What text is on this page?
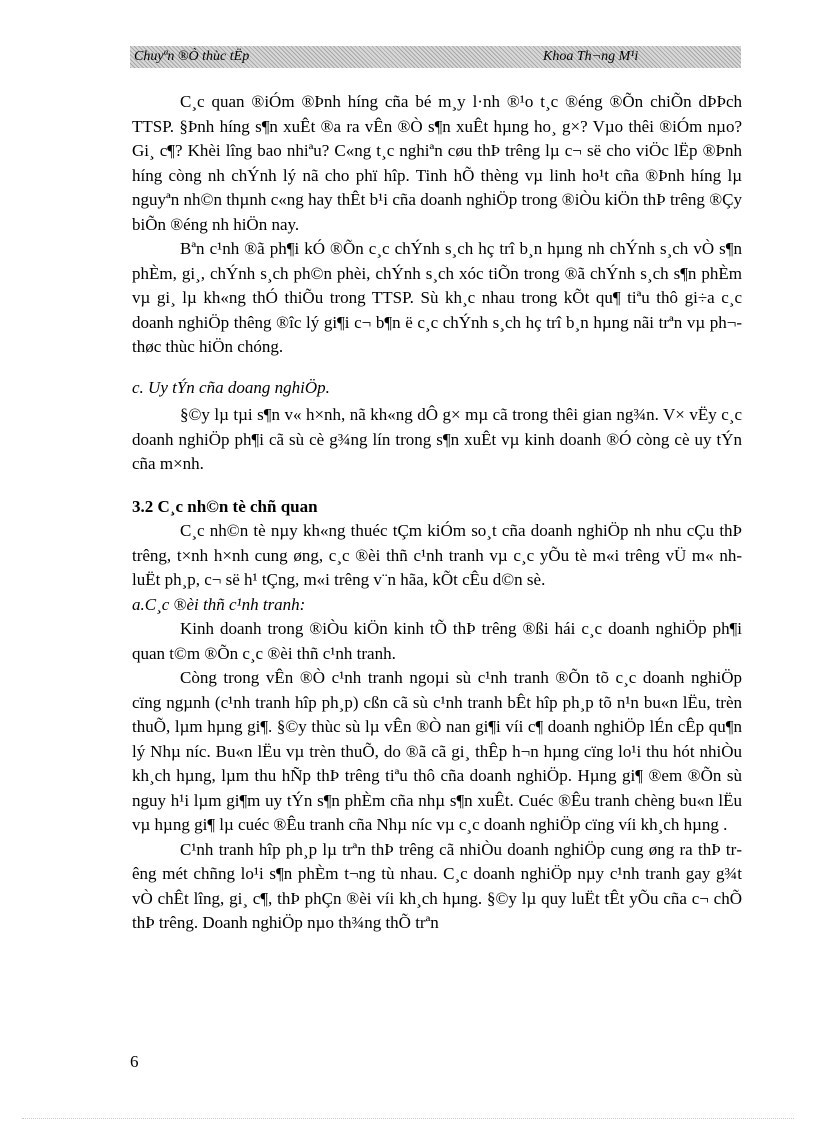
Chuyªn ®Ò thùc tËp	Khoa Th¬ng M¹i

C¸c quan ®iÓm ®Þnh híng cña bé m¸y l·nh ®¹o t¸c ®éng ®Õn chiÕn dÞÞch TTSP. §Þnh híng s¶n xuÊt ®a ra vÊn ®Ò s¶n xuÊt hµng ho¸ g×? Vµo thêi ®iÓm nµo? Gi¸ c¶? Khèi lîng bao nhiªu? C«ng t¸c nghiªn cøu thÞ trêng lµ c¬ së cho viÖc lËp ®Þnh híng còng nh chÝnh lý nã cho phï hîp. Tinh hÕ thèng vµ linh ho¹t cña ®Þnh híng lµ nguyªn nh©n thµnh c«ng hay thÊt b¹i cña doanh nghiÖp trong ®iÒu kiÖn thÞ trêng ®Çy biÕn ®éng nh hiÖn nay.

Bªn c¹nh ®ã ph¶i kÓ ®Õn c¸c chÝnh s¸ch hç trî b¸n hµng nh chÝnh s¸ch vÒ s¶n phÈm, gi¸, chÝnh s¸ch ph©n phèi, chÝnh s¸ch xóc tiÕn trong ®ã chÝnh s¸ch s¶n phÈm vµ gi¸ lµ kh«ng thÓ thiÕu trong TTSP. Sù kh¸c nhau trong kÕt qu¶ tiªu thô gi÷a c¸c doanh nghiÖp thêng ®îc lý gi¶i c¬ b¶n ë c¸c chÝnh s¸ch hç trî b¸n hµng nãi trªn vµ ph¬ thøc thùc hiÖn chóng.

c. Uy tÝn cña doang nghiÖp.

§©y lµ tµi s¶n v« h×nh, nã kh«ng dÔ g× mµ cã trong thêi gian ng¾n. V× vËy c¸c doanh nghiÖp ph¶i cã sù cè g¾ng lín trong s¶n xuÊt vµ kinh doanh ®Ó còng cè uy tÝn cña m×nh.

3.2 C¸c nh©n tè chñ quan

C¸c nh©n tè nµy kh«ng thuéc tÇm kiÓm so¸t cña doanh nghiÖp nh nhu cÇu thÞ trêng, t×nh h×nh cung øng, c¸c ®èi thñ c¹nh tranh vµ c¸c yÕu tè m«i trêng vÜ m« nh luËt ph¸p, c¬ së h¹ tÇng, m«i trêng v¨n hãa, kÕt cÊu d©n sè.

a.C¸c ®èi thñ c¹nh tranh:

Kinh doanh trong ®iÒu kiÖn kinh tÕ thÞ trêng ®ßi hái c¸c doanh nghiÖp ph¶i quan t©m ®Õn c¸c ®èi thñ c¹nh tranh.

Còng trong vÊn ®Ò c¹nh tranh ngoµi sù c¹nh tranh ®Õn tõ c¸c doanh nghiÖp cïng ngµnh (c¹nh tranh hîp ph¸p) cßn cã sù c¹nh tranh bÊt hîp ph¸p tõ n¹n bu«n lËu, trèn thuÕ, lµm hµng gi¶. §©y thùc sù lµ vÊn ®Ò nan gi¶i víi c¶ doanh nghiÖp lÉn cÊp qu¶n lý Nhµ níc. Bu«n lËu vµ trèn thuÕ, do ®ã cã gi¸ thÊp h¬n hµng cïng lo¹i thu hót nhiÒu kh¸ch hµng, lµm thu hÑp thÞ trêng tiªu thô cña doanh nghiÖp. Hµng gi¶ ®em ®Õn sù nguy h¹i lµm gi¶m uy tÝn s¶n phÈm cña nhµ s¶n xuÊt. Cuéc ®Êu tranh chèng bu«n lËu vµ hµng gi¶ lµ cuéc ®Êu tranh cña Nhµ níc vµ c¸c doanh nghiÖp cïng víi kh¸ch hµng .

C¹nh tranh hîp ph¸p lµ trªn thÞ trêng cã nhiÒu doanh nghiÖp cung øng ra thÞ trêng mét chñng lo¹i s¶n phÈm t¬ng tù nhau. C¸c doanh nghiÖp nµy c¹nh tranh gay g¾t vÒ chÊt lîng, gi¸ c¶, thÞ phÇn ®èi víi kh¸ch hµng. §©y lµ quy luËt tÊt yÕu cña c¬ chÕ thÞ trêng. Doanh nghiÖp nµo th¾ng thÕ trªn

6
